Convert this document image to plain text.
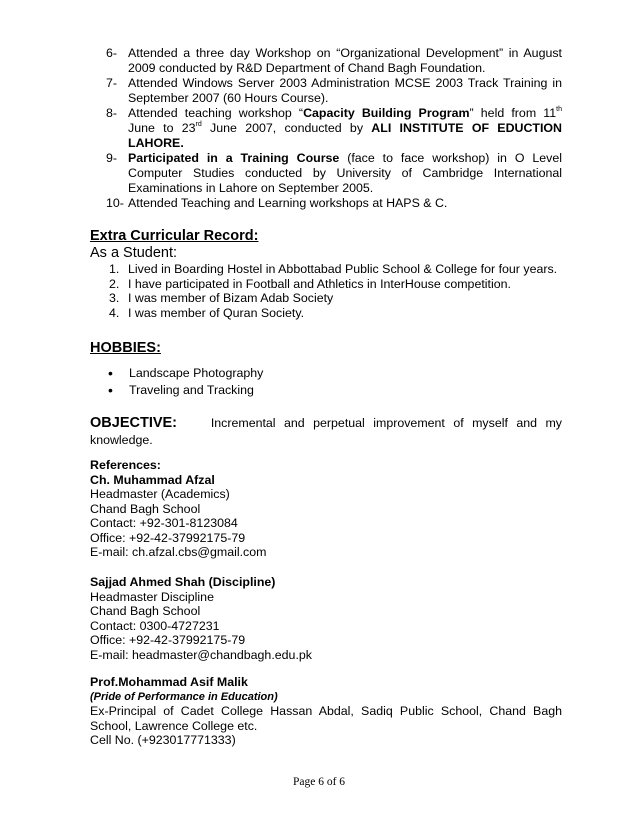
6- Attended a three day Workshop on “Organizational Development” in August 2009 conducted by R&D Department of Chand Bagh Foundation.
7- Attended Windows Server 2003 Administration MCSE 2003 Track Training in September 2007 (60 Hours Course).
8- Attended teaching workshop “Capacity Building Program” held from 11th June to 23rd June 2007, conducted by ALI INSTITUTE OF EDUCTION LAHORE.
9- Participated in a Training Course (face to face workshop) in O Level Computer Studies conducted by University of Cambridge International Examinations in Lahore on September 2005.
10- Attended Teaching and Learning workshops at HAPS & C.
Extra Curricular Record:
As a Student:
1. Lived in Boarding Hostel in Abbottabad Public School & College for four years.
2. I have participated in Football and Athletics in InterHouse competition.
3. I was member of Bizam Adab Society
4. I was member of Quran Society.
HOBBIES:
•	Landscape Photography
•	Traveling and Tracking
OBJECTIVE:	Incremental and perpetual improvement of myself and my knowledge.
References:
Ch. Muhammad Afzal
Headmaster (Academics)
Chand Bagh School
Contact: +92-301-8123084
Office: +92-42-37992175-79
E-mail: ch.afzal.cbs@gmail.com
Sajjad Ahmed Shah (Discipline)
Headmaster Discipline
Chand Bagh School
Contact: 0300-4727231
Office: +92-42-37992175-79
E-mail: headmaster@chandbagh.edu.pk
Prof.Mohammad Asif Malik
(Pride of Performance in Education)
Ex-Principal of Cadet College Hassan Abdal, Sadiq Public School, Chand Bagh School, Lawrence College etc.
Cell No. (+923017771333)
Page 6 of 6
